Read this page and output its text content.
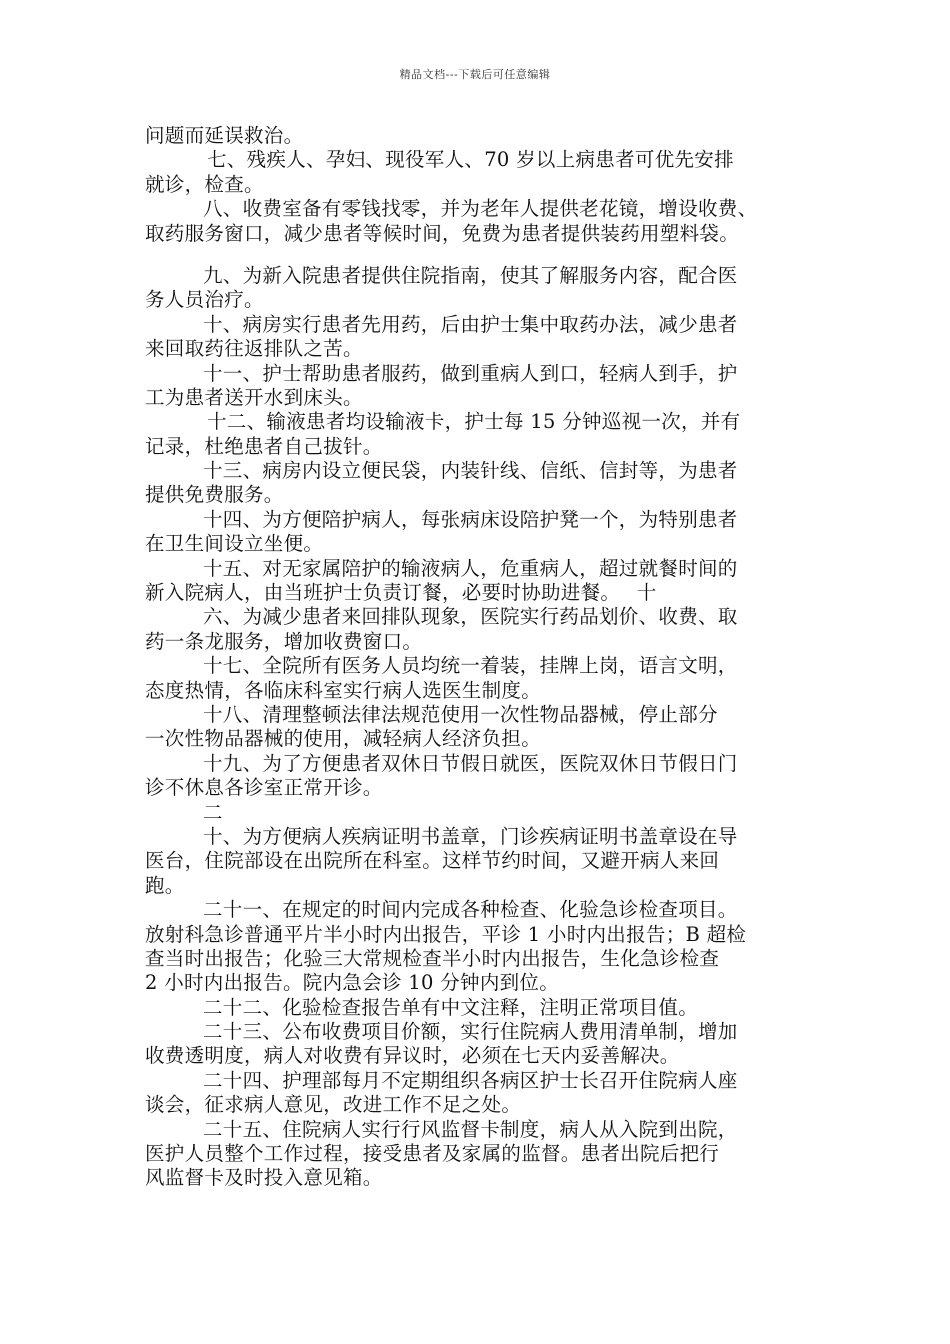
精品文档---下载后可任意编辑
问题而延误救治。
七、残疾人、孕妇、现役军人、70 岁以上病患者可优先安排
就诊，检查。
八、收费室备有零钱找零，并为老年人提供老花镜，增设收费、
取药服务窗口，减少患者等候时间，免费为患者提供装药用塑料袋。
九、为新入院患者提供住院指南，使其了解服务内容，配合医
务人员治疗。
十、病房实行患者先用药，后由护士集中取药办法，减少患者
来回取药往返排队之苦。
十一、护士帮助患者服药，做到重病人到口，轻病人到手，护
工为患者送开水到床头。
十二、输液患者均设输液卡，护士每 15 分钟巡视一次，并有
记录，杜绝患者自己拔针。
十三、病房内设立便民袋，内装针线、信纸、信封等，为患者
提供免费服务。
十四、为方便陪护病人，每张病床设陪护凳一个，为特别患者
在卫生间设立坐便。
十五、对无家属陪护的输液病人，危重病人，超过就餐时间的
新入院病人，由当班护士负责订餐，必要时协助进餐。　 十
六、为减少患者来回排队现象，医院实行药品划价、收费、取
药一条龙服务，增加收费窗口。
十七、全院所有医务人员均统一着装，挂牌上岗，语言文明，
态度热情，各临床科室实行病人选医生制度。
十八、清理整顿法律法规范使用一次性物品器械，停止部分
一次性物品器械的使用，减轻病人经济负担。
十九、为了方便患者双休日节假日就医，医院双休日节假日门
诊不休息各诊室正常开诊。
二
十、为方便病人疾病证明书盖章，门诊疾病证明书盖章设在导
医台，住院部设在出院所在科室。这样节约时间，又避开病人来回
跑。
二十一、在规定的时间内完成各种检查、化验急诊检查项目。
放射科急诊普通平片半小时内出报告，平诊 1 小时内出报告；B 超检
查当时出报告；化验三大常规检查半小时内出报告，生化急诊检查
2 小时内出报告。院内急会诊 10 分钟内到位。
二十二、化验检查报告单有中文注释，注明正常项目值。
二十三、公布收费项目价额，实行住院病人费用清单制，增加
收费透明度，病人对收费有异议时，必须在七天内妥善解决。
二十四、护理部每月不定期组织各病区护士长召开住院病人座
谈会，征求病人意见，改进工作不足之处。
二十五、住院病人实行行风监督卡制度，病人从入院到出院，
医护人员整个工作过程，接受患者及家属的监督。患者出院后把行
风监督卡及时投入意见箱。
